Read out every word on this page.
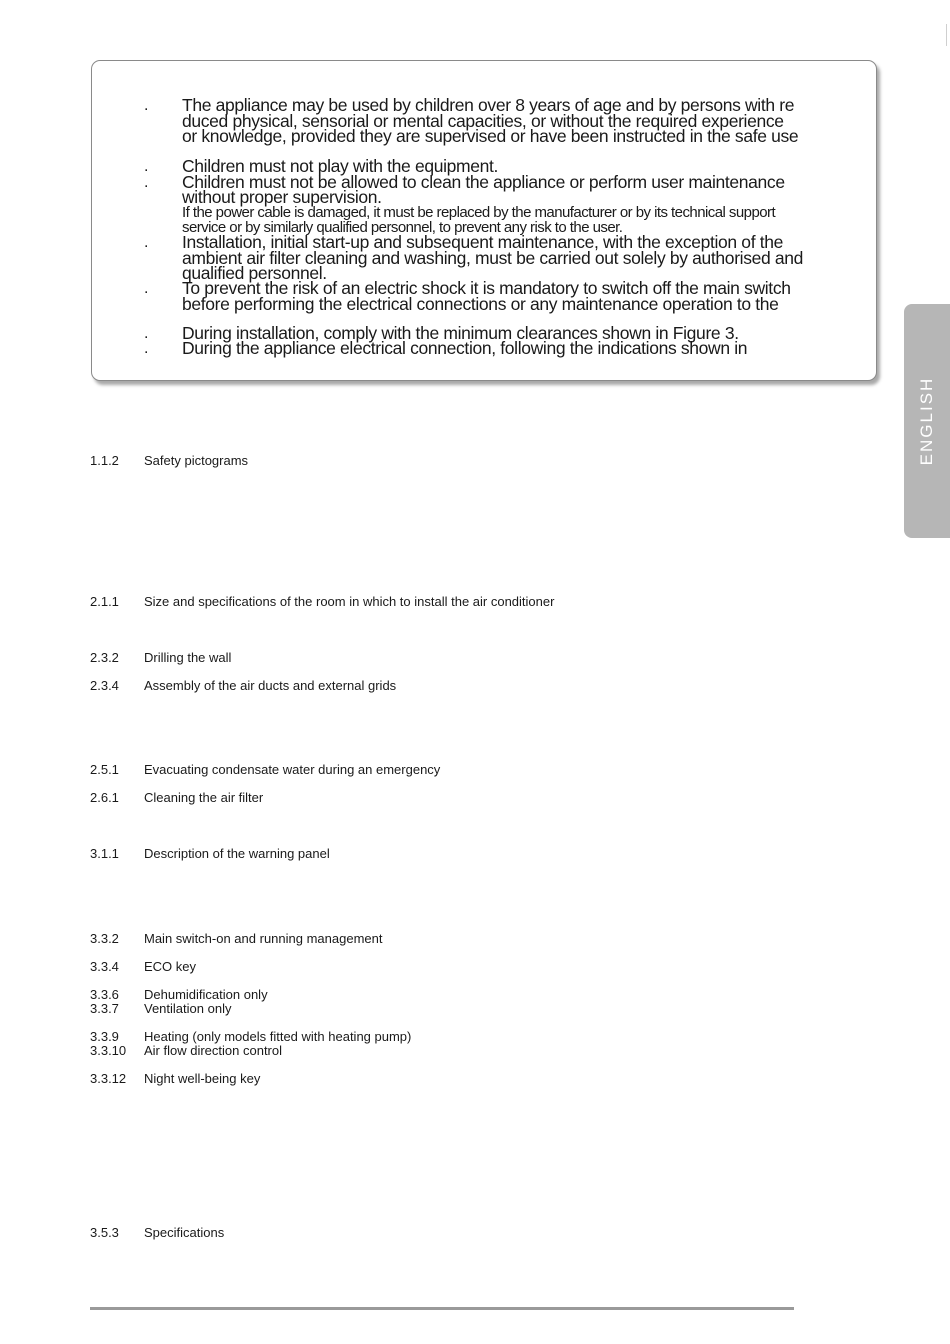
.
.
.
.
.
.
.
The appliance may be used by children over 8 years of age and by persons with re
duced physical, sensorial or mental capacities, or without the required experience
or knowledge, provided they are supervised or have been instructed in the safe use
Children must not play with the equipment.
Children must not be allowed to clean the appliance or perform user maintenance
without proper supervision.
If the power cable is damaged, it must be replaced by the manufacturer or by its technical support
service or by similarly qualified personnel, to prevent any risk to the user.
Installation, initial start-up and subsequent maintenance, with the exception of the
ambient air filter cleaning and washing, must be carried out solely by authorised and
qualified personnel.
To prevent the risk of an electric shock it is mandatory to switch off the main switch
before performing the electrical connections or any maintenance operation to the
During installation, comply with the minimum clearances shown in Figure 3.
During the appliance electrical connection, following the indications shown in
ENGLISH
1.1.2 Safety pictograms
2.1.1 Size and specifications of the room in which to install the air conditioner
2.3.2 Drilling the wall
2.3.4 Assembly of the air ducts and external grids
2.5.1 Evacuating condensate water during an emergency
2.6.1 Cleaning the air filter
3.1.1 Description of the warning panel
3.3.2 Main switch-on and running management
3.3.4 ECO key
3.3.6 Dehumidification only
3.3.7 Ventilation only
3.3.9 Heating (only models fitted with heating pump)
3.3.10 Air flow direction control
3.3.12 Night well-being key
3.5.3 Specifications
